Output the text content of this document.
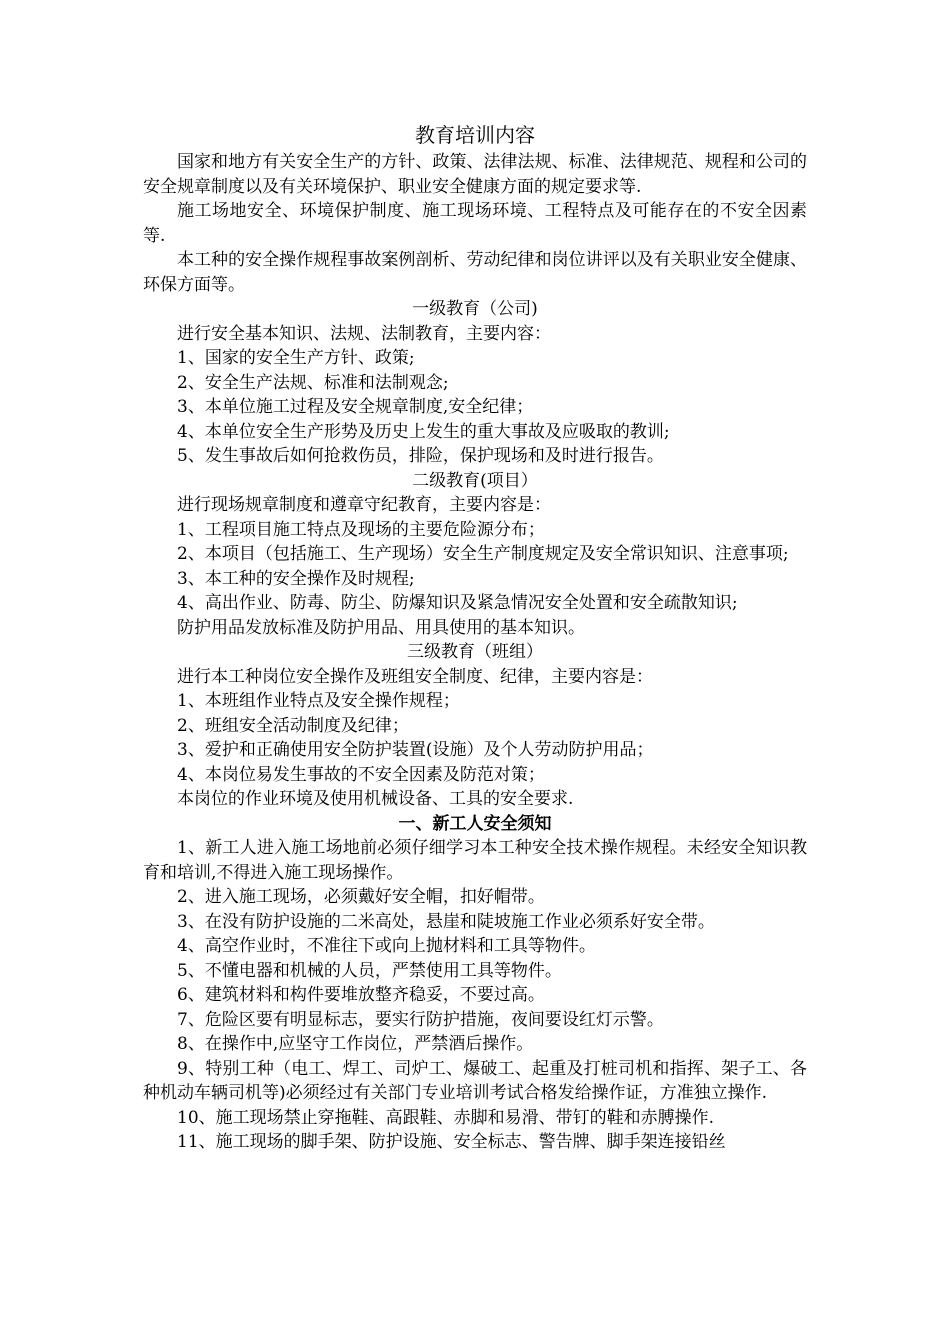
教育培训内容

国家和地方有关安全生产的方针、政策、法律法规、标准、法律规范、规程和公司的安全规章制度以及有关环境保护、职业安全健康方面的规定要求等.

施工场地安全、环境保护制度、施工现场环境、工程特点及可能存在的不安全因素等.

本工种的安全操作规程事故案例剖析、劳动纪律和岗位讲评以及有关职业安全健康、环保方面等。

一级教育（公司)

进行安全基本知识、法规、法制教育，主要内容：

1、国家的安全生产方针、政策;

2、安全生产法规、标准和法制观念;

3、本单位施工过程及安全规章制度,安全纪律；

4、本单位安全生产形势及历史上发生的重大事故及应吸取的教训;

5、发生事故后如何抢救伤员，排险，保护现场和及时进行报告。

二级教育(项目）

进行现场规章制度和遵章守纪教育，主要内容是：

1、工程项目施工特点及现场的主要危险源分布；

2、本项目（包括施工、生产现场）安全生产制度规定及安全常识知识、注意事项;

3、本工种的安全操作及时规程;

4、高出作业、防毒、防尘、防爆知识及紧急情况安全处置和安全疏散知识;

防护用品发放标准及防护用品、用具使用的基本知识。

三级教育（班组）

进行本工种岗位安全操作及班组安全制度、纪律，主要内容是：

1、本班组作业特点及安全操作规程；

2、班组安全活动制度及纪律；

3、爱护和正确使用安全防护装置(设施）及个人劳动防护用品；

4、本岗位易发生事故的不安全因素及防范对策；

本岗位的作业环境及使用机械设备、工具的安全要求.

一、新工人安全须知

1、新工人进入施工场地前必须仔细学习本工种安全技术操作规程。未经安全知识教育和培训,不得进入施工现场操作。

2、进入施工现场，必须戴好安全帽，扣好帽带。

3、在没有防护设施的二米高处，悬崖和陡坡施工作业必须系好安全带。

4、高空作业时，不准往下或向上抛材料和工具等物件。

5、不懂电器和机械的人员，严禁使用工具等物件。

6、建筑材料和构件要堆放整齐稳妥，不要过高。

7、危险区要有明显标志，要实行防护措施，夜间要设红灯示警。

8、在操作中,应坚守工作岗位，严禁酒后操作。

9、特别工种（电工、焊工、司炉工、爆破工、起重及打桩司机和指挥、架子工、各种机动车辆司机等)必须经过有关部门专业培训考试合格发给操作证，方准独立操作.

10、施工现场禁止穿拖鞋、高跟鞋、赤脚和易滑、带钉的鞋和赤膊操作.

11、施工现场的脚手架、防护设施、安全标志、警告牌、脚手架连接铅丝
